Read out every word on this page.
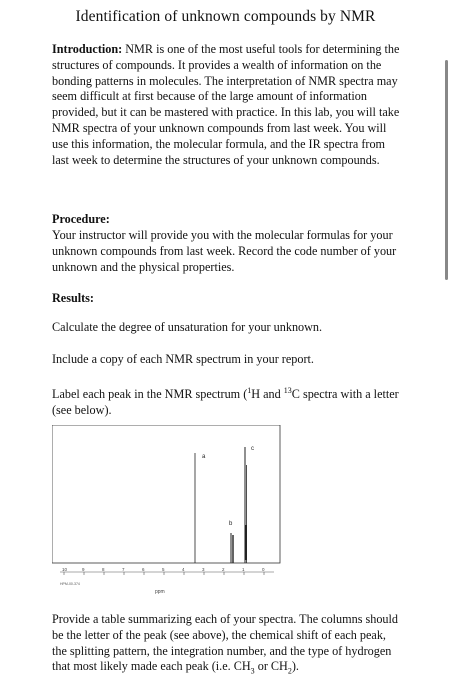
Identification of unknown compounds by NMR
Introduction: NMR is one of the most useful tools for determining the structures of compounds. It provides a wealth of information on the bonding patterns in molecules. The interpretation of NMR spectra may seem difficult at first because of the large amount of information provided, but it can be mastered with practice. In this lab, you will take NMR spectra of your unknown compounds from last week. You will use this information, the molecular formula, and the IR spectra from last week to determine the structures of your unknown compounds.
Procedure:
Your instructor will provide you with the molecular formulas for your unknown compounds from last week. Record the code number of your unknown and the physical properties.
Results:
Calculate the degree of unsaturation for your unknown.
Include a copy of each NMR spectrum in your report.
Label each peak in the NMR spectrum ($^1$H and $^{13}$C spectra with a letter (see below).
a
b
c
10	9	8	7	6	5	4	3	2	1	0
ppm
HPM-00-374
Provide a table summarizing each of your spectra. The columns should be the letter of the peak (see above), the chemical shift of each peak, the splitting pattern, the integration number, and the type of hydrogen that most likely made each peak (i.e. $CH_3$ or $CH_2$).
